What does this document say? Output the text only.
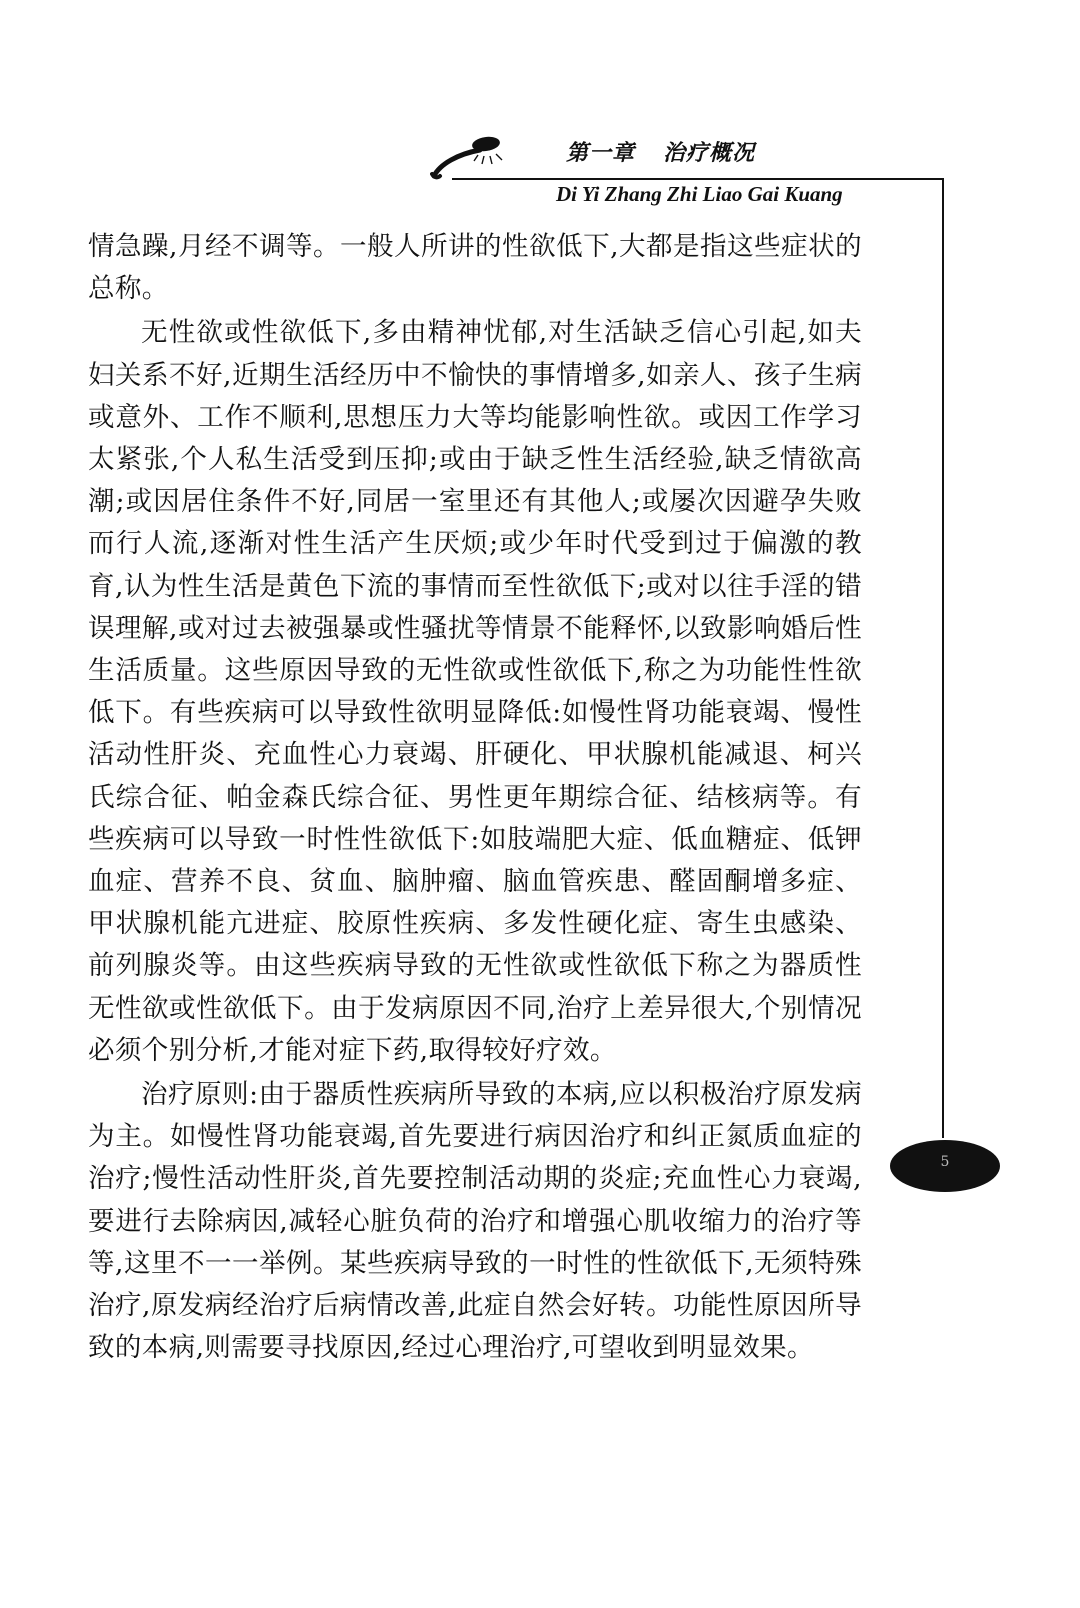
第一章 治疗概况
Di Yi Zhang Zhi Liao Gai Kuang
5

情急躁,月经不调等。一般人所讲的性欲低下,大都是指这些症状的总称。

无性欲或性欲低下,多由精神忧郁,对生活缺乏信心引起,如夫妇关系不好,近期生活经历中不愉快的事情增多,如亲人、孩子生病或意外、工作不顺利,思想压力大等均能影响性欲。或因工作学习太紧张,个人私生活受到压抑;或由于缺乏性生活经验,缺乏情欲高潮;或因居住条件不好,同居一室里还有其他人;或屡次因避孕失败而行人流,逐渐对性生活产生厌烦;或少年时代受到过于偏激的教育,认为性生活是黄色下流的事情而至性欲低下;或对以往手淫的错误理解,或对过去被强暴或性骚扰等情景不能释怀,以致影响婚后性生活质量。这些原因导致的无性欲或性欲低下,称之为功能性性欲低下。有些疾病可以导致性欲明显降低:如慢性肾功能衰竭、慢性活动性肝炎、充血性心力衰竭、肝硬化、甲状腺机能减退、柯兴氏综合征、帕金森氏综合征、男性更年期综合征、结核病等。有些疾病可以导致一时性性欲低下:如肢端肥大症、低血糖症、低钾血症、营养不良、贫血、脑肿瘤、脑血管疾患、醛固酮增多症、甲状腺机能亢进症、胶原性疾病、多发性硬化症、寄生虫感染、前列腺炎等。由这些疾病导致的无性欲或性欲低下称之为器质性无性欲或性欲低下。由于发病原因不同,治疗上差异很大,个别情况必须个别分析,才能对症下药,取得较好疗效。

治疗原则:由于器质性疾病所导致的本病,应以积极治疗原发病为主。如慢性肾功能衰竭,首先要进行病因治疗和纠正氮质血症的治疗;慢性活动性肝炎,首先要控制活动期的炎症;充血性心力衰竭,要进行去除病因,减轻心脏负荷的治疗和增强心肌收缩力的治疗等等,这里不一一举例。某些疾病导致的一时性的性欲低下,无须特殊治疗,原发病经治疗后病情改善,此症自然会好转。功能性原因所导致的本病,则需要寻找原因,经过心理治疗,可望收到明显效果。
